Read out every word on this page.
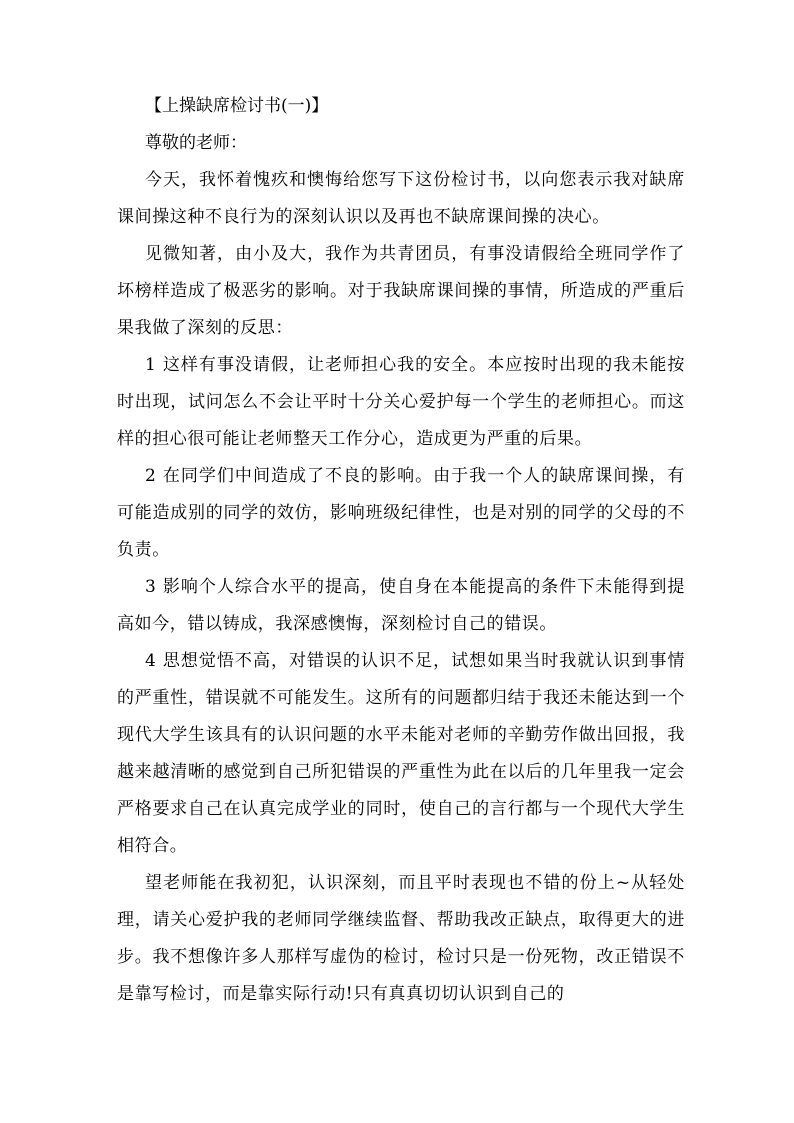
【上操缺席检讨书(一)】
尊敬的老师：

今天，我怀着愧疚和懊悔给您写下这份检讨书，以向您表示我对缺席课间操这种不良行为的深刻认识以及再也不缺席课间操的决心。

见微知著，由小及大，我作为共青团员，有事没请假给全班同学作了坏榜样造成了极恶劣的影响。对于我缺席课间操的事情，所造成的严重后果我做了深刻的反思：

1 这样有事没请假，让老师担心我的安全。本应按时出现的我未能按时出现，试问怎么不会让平时十分关心爱护每一个学生的老师担心。而这样的担心很可能让老师整天工作分心，造成更为严重的后果。

2 在同学们中间造成了不良的影响。由于我一个人的缺席课间操，有可能造成别的同学的效仿，影响班级纪律性，也是对别的同学的父母的不负责。

3 影响个人综合水平的提高，使自身在本能提高的条件下未能得到提高如今，错以铸成，我深感懊悔，深刻检讨自己的错误。

4 思想觉悟不高，对错误的认识不足，试想如果当时我就认识到事情的严重性，错误就不可能发生。这所有的问题都归结于我还未能达到一个现代大学生该具有的认识问题的水平未能对老师的辛勤劳作做出回报，我越来越清晰的感觉到自己所犯错误的严重性为此在以后的几年里我一定会严格要求自己在认真完成学业的同时，使自己的言行都与一个现代大学生相符合。

望老师能在我初犯，认识深刻，而且平时表现也不错的份上~从轻处理，请关心爱护我的老师同学继续监督、帮助我改正缺点，取得更大的进步。我不想像许多人那样写虚伪的检讨，检讨只是一份死物，改正错误不是靠写检讨，而是靠实际行动!只有真真切切认识到自己的
